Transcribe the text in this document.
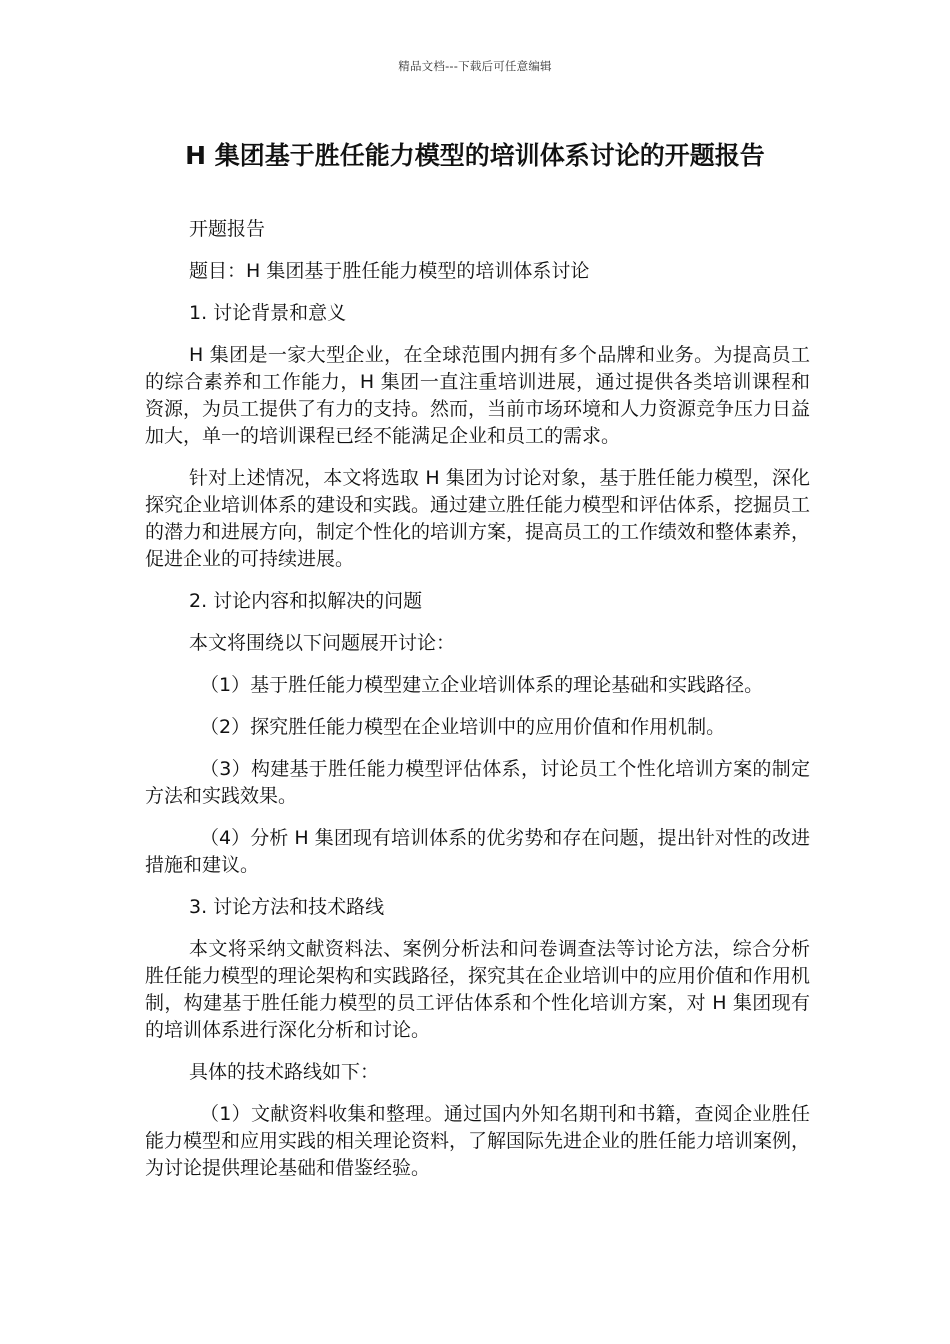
精品文档---下载后可任意编辑
H 集团基于胜任能力模型的培训体系讨论的开题报告

开题报告

题目：H 集团基于胜任能力模型的培训体系讨论

1. 讨论背景和意义

H 集团是一家大型企业，在全球范围内拥有多个品牌和业务。为提高员工的综合素养和工作能力，H 集团一直注重培训进展，通过提供各类培训课程和资源，为员工提供了有力的支持。然而，当前市场环境和人力资源竞争压力日益加大，单一的培训课程已经不能满足企业和员工的需求。

针对上述情况，本文将选取 H 集团为讨论对象，基于胜任能力模型，深化探究企业培训体系的建设和实践。通过建立胜任能力模型和评估体系，挖掘员工的潜力和进展方向，制定个性化的培训方案，提高员工的工作绩效和整体素养，促进企业的可持续进展。

2. 讨论内容和拟解决的问题

本文将围绕以下问题展开讨论：

（1）基于胜任能力模型建立企业培训体系的理论基础和实践路径。

（2）探究胜任能力模型在企业培训中的应用价值和作用机制。

（3）构建基于胜任能力模型评估体系，讨论员工个性化培训方案的制定方法和实践效果。

（4）分析 H 集团现有培训体系的优劣势和存在问题，提出针对性的改进措施和建议。

3. 讨论方法和技术路线

本文将采纳文献资料法、案例分析法和问卷调查法等讨论方法，综合分析胜任能力模型的理论架构和实践路径，探究其在企业培训中的应用价值和作用机制，构建基于胜任能力模型的员工评估体系和个性化培训方案，对 H 集团现有的培训体系进行深化分析和讨论。

具体的技术路线如下：

（1）文献资料收集和整理。通过国内外知名期刊和书籍，查阅企业胜任能力模型和应用实践的相关理论资料，了解国际先进企业的胜任能力培训案例，为讨论提供理论基础和借鉴经验。
